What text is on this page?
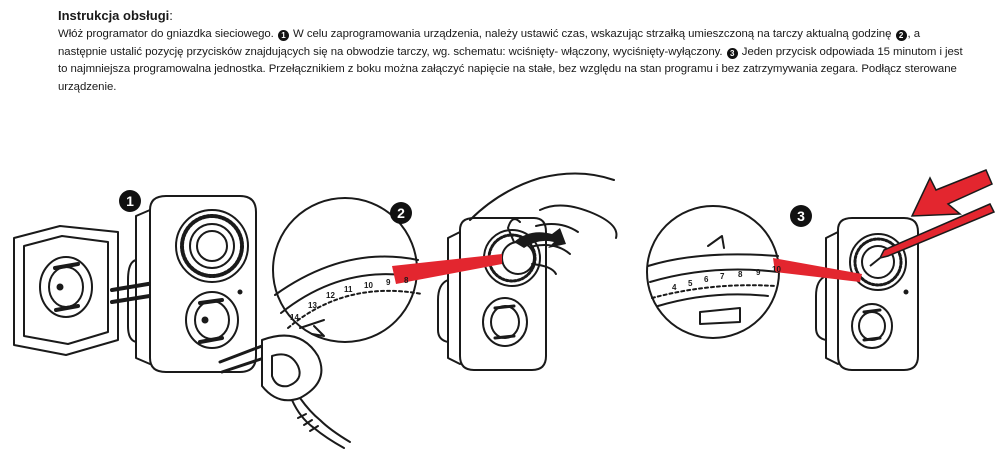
Instrukcja obsługi:

Włóż programator do gniazdka sieciowego. 1 W celu zaprogramowania urządzenia, należy ustawić czas, wskazując strzałką umieszczoną na tarczy aktualną godzinę 2 , a następnie ustalić pozycję przycisków znajdujących się na obwodzie tarczy, wg. schematu: wciśnięty- włączony, wyciśnięty-wyłączony. 3 Jeden przycisk odpowiada 15 minutom i jest to najmniejsza programowalna jednostka. Przełącznikiem z boku można załączyć napięcie na stałe, bez względu na stan programu i bez zatrzymywania zegara. Podłącz sterowane urządzenie.

14
13
12
11 10 9 8
4 5 6 7 8 9 10
1
2	3
